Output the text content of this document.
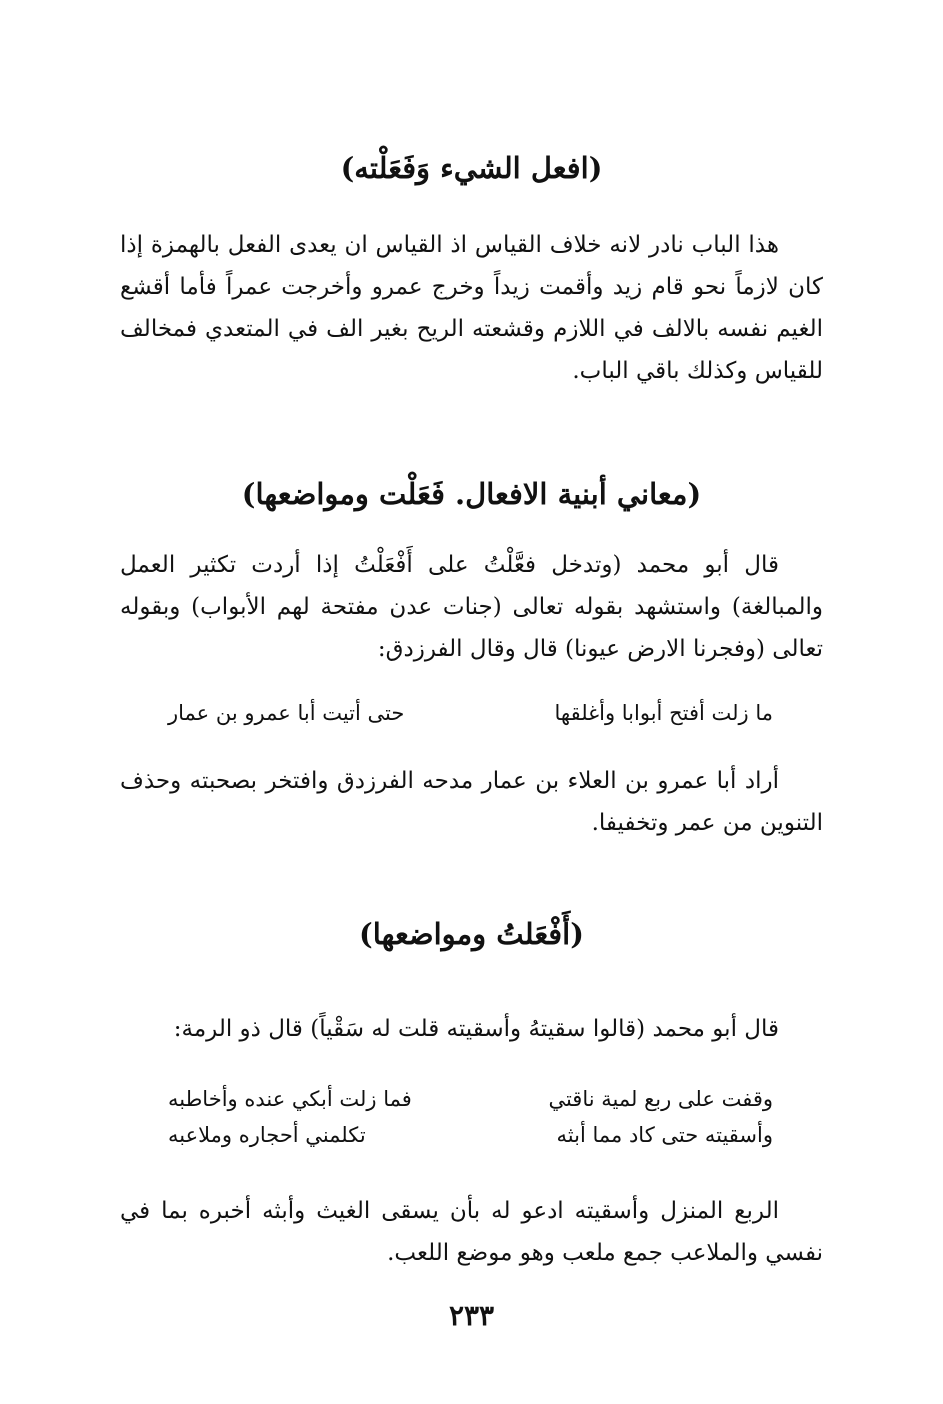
(افعل الشيء وَفَعَلْته)

هذا الباب نادر لانه خلاف القياس اذ القياس ان يعدى الفعل بالهمزة إذا كان لازماً نحو قام زيد وأقمت زيداً وخرج عمرو وأخرجت عمراً فأما أقشع الغيم نفسه بالالف في اللازم وقشعته الريح بغير الف في المتعدي فمخالف للقياس وكذلك باقي الباب.

(معاني أبنية الافعال. فَعَلْت ومواضعها)

قال أبو محمد (وتدخل فعَّلْتُ على أَفْعَلْتُ إذا أردت تكثير العمل والمبالغة) واستشهد بقوله تعالى (جنات عدن مفتحة لهم الأبواب) وبقوله تعالى (وفجرنا الارض عيونا) قال وقال الفرزدق:

ما زلت أفتح أبوابا وأغلقها
حتى أتيت أبا عمرو بن عمار

أراد أبا عمرو بن العلاء بن عمار مدحه الفرزدق وافتخر بصحبته وحذف التنوين من عمر وتخفيفا.

(أَفْعَلتُ ومواضعها)

قال أبو محمد (قالوا سقيتهُ وأسقيته قلت له سَقْياً) قال ذو الرمة:

وقفت على ربع لمية ناقتي
فما زلت أبكي عنده وأخاطبه
وأسقيته حتى كاد مما أبثه
تكلمني أحجاره وملاعبه

الربع المنزل وأسقيته ادعو له بأن يسقى الغيث وأبثه أخبره بما في نفسي والملاعب جمع ملعب وهو موضع اللعب.

٢٣٣
